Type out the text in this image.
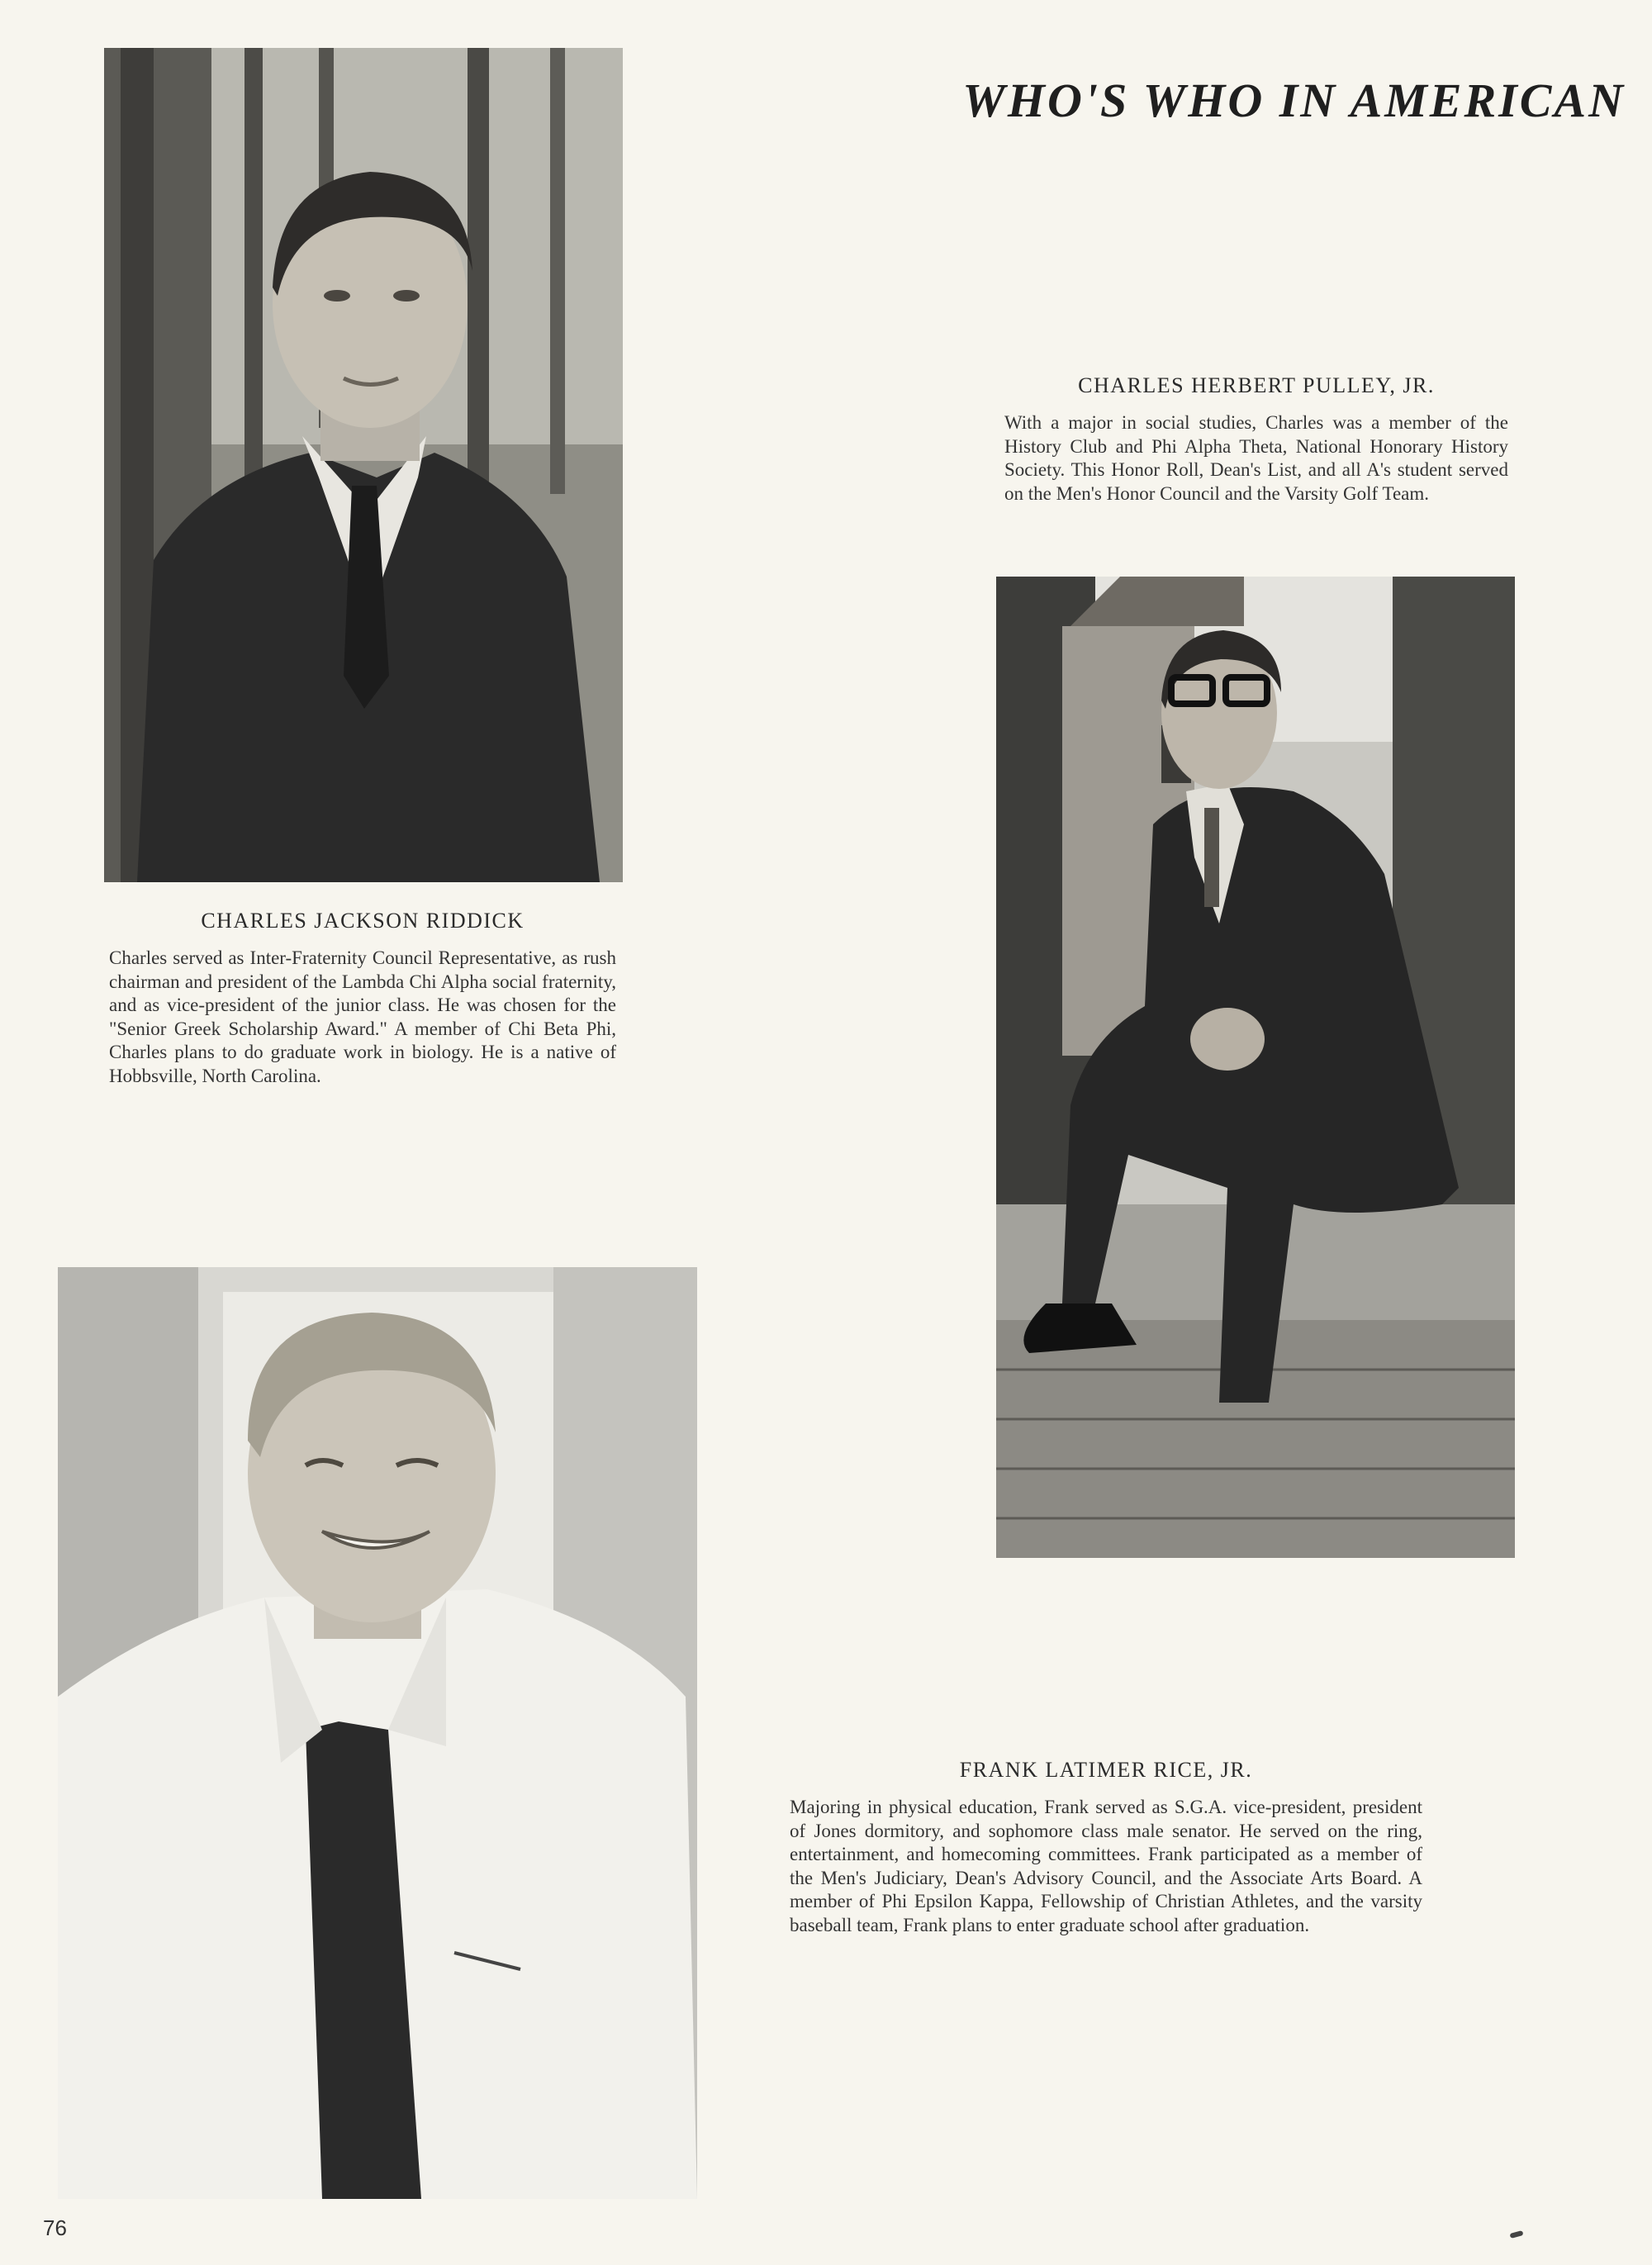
WHO'S WHO IN AMERICAN

CHARLES JACKSON RIDDICK

Charles served as Inter-Fraternity Council Representative, as rush chairman and president of the Lambda Chi Alpha social fraternity, and as vice-president of the junior class. He was chosen for the "Senior Greek Scholarship Award." A member of Chi Beta Phi, Charles plans to do graduate work in biology. He is a native of Hobbsville, North Carolina.

CHARLES HERBERT PULLEY, JR.

With a major in social studies, Charles was a member of the History Club and Phi Alpha Theta, National Honorary History Society. This Honor Roll, Dean's List, and all A's student served on the Men's Honor Council and the Varsity Golf Team.

FRANK LATIMER RICE, JR.

Majoring in physical education, Frank served as S.G.A. vice-president, president of Jones dormitory, and sophomore class male senator. He served on the ring, entertainment, and homecoming committees. Frank participated as a member of the Men's Judiciary, Dean's Advisory Council, and the Associate Arts Board. A member of Phi Epsilon Kappa, Fellowship of Christian Athletes, and the varsity baseball team, Frank plans to enter graduate school after graduation.

76
